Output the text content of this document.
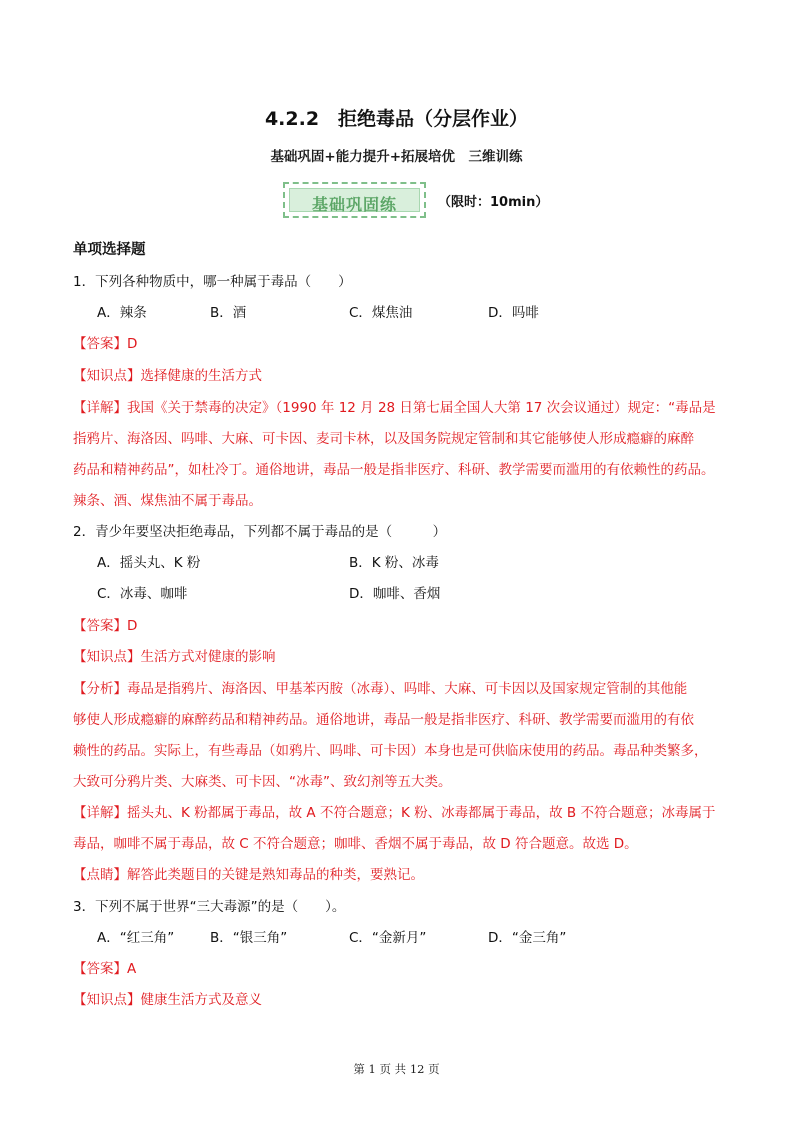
4.2.2　拒绝毒品（分层作业）
基础巩固+能力提升+拓展培优　三维训练
基础巩固练	（限时：10min）
单项选择题
1．下列各种物质中，哪一种属于毒品（　　）
A．辣条	B．酒	C．煤焦油	D．吗啡
【答案】D
【知识点】选择健康的生活方式
【详解】我国《关于禁毒的决定》（1990 年 12 月 28 日第七届全国人大第 17 次会议通过）规定：“毒品是
指鸦片、海洛因、吗啡、大麻、可卡因、麦司卡林，以及国务院规定管制和其它能够使人形成瘾癖的麻醉
药品和精神药品”，如杜冷丁。通俗地讲，毒品一般是指非医疗、科研、教学需要而滥用的有依赖性的药品。
辣条、酒、煤焦油不属于毒品。
2．青少年要坚决拒绝毒品，下列都不属于毒品的是（　　　）
A．摇头丸、K 粉	B．K 粉、冰毒
C．冰毒、咖啡	D．咖啡、香烟
【答案】D
【知识点】生活方式对健康的影响
【分析】毒品是指鸦片、海洛因、甲基苯丙胺（冰毒）、吗啡、大麻、可卡因以及国家规定管制的其他能
够使人形成瘾癖的麻醉药品和精神药品。通俗地讲，毒品一般是指非医疗、科研、教学需要而滥用的有依
赖性的药品。实际上，有些毒品（如鸦片、吗啡、可卡因）本身也是可供临床使用的药品。毒品种类繁多，
大致可分鸦片类、大麻类、可卡因、“冰毒”、致幻剂等五大类。
【详解】摇头丸、K 粉都属于毒品，故 A 不符合题意；K 粉、冰毒都属于毒品，故 B 不符合题意；冰毒属于
毒品，咖啡不属于毒品，故 C 不符合题意；咖啡、香烟不属于毒品，故 D 符合题意。故选 D。
【点睛】解答此类题目的关键是熟知毒品的种类，要熟记。
3．下列不属于世界“三大毒源”的是（　　）。
A．“红三角”	B．“银三角”	C．“金新月”	D．“金三角”
【答案】A
【知识点】健康生活方式及意义
第 1 页 共 12 页
